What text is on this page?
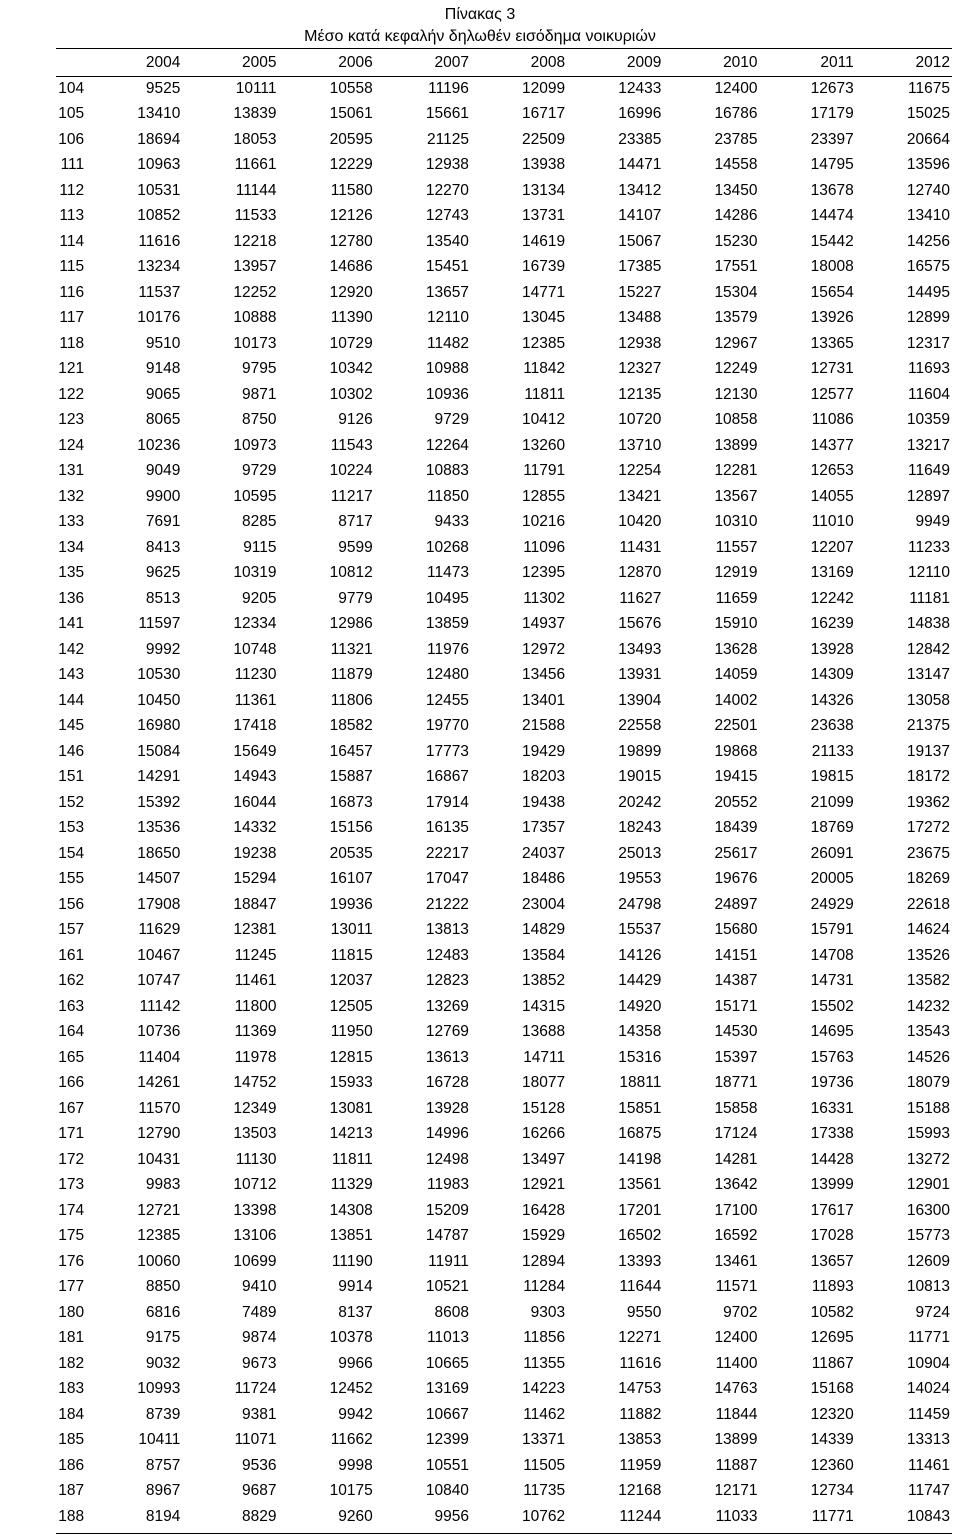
Πίνακας 3
Μέσο κατά κεφαλήν δηλωθέν εισόδημα νοικυριών
	2004	2005	2006	2007	2008	2009	2010	2011	2012
104	9525	10111	10558	11196	12099	12433	12400	12673	11675
105	13410	13839	15061	15661	16717	16996	16786	17179	15025
106	18694	18053	20595	21125	22509	23385	23785	23397	20664
111	10963	11661	12229	12938	13938	14471	14558	14795	13596
112	10531	11144	11580	12270	13134	13412	13450	13678	12740
113	10852	11533	12126	12743	13731	14107	14286	14474	13410
114	11616	12218	12780	13540	14619	15067	15230	15442	14256
115	13234	13957	14686	15451	16739	17385	17551	18008	16575
116	11537	12252	12920	13657	14771	15227	15304	15654	14495
117	10176	10888	11390	12110	13045	13488	13579	13926	12899
118	9510	10173	10729	11482	12385	12938	12967	13365	12317
121	9148	9795	10342	10988	11842	12327	12249	12731	11693
122	9065	9871	10302	10936	11811	12135	12130	12577	11604
123	8065	8750	9126	9729	10412	10720	10858	11086	10359
124	10236	10973	11543	12264	13260	13710	13899	14377	13217
131	9049	9729	10224	10883	11791	12254	12281	12653	11649
132	9900	10595	11217	11850	12855	13421	13567	14055	12897
133	7691	8285	8717	9433	10216	10420	10310	11010	9949
134	8413	9115	9599	10268	11096	11431	11557	12207	11233
135	9625	10319	10812	11473	12395	12870	12919	13169	12110
136	8513	9205	9779	10495	11302	11627	11659	12242	11181
141	11597	12334	12986	13859	14937	15676	15910	16239	14838
142	9992	10748	11321	11976	12972	13493	13628	13928	12842
143	10530	11230	11879	12480	13456	13931	14059	14309	13147
144	10450	11361	11806	12455	13401	13904	14002	14326	13058
145	16980	17418	18582	19770	21588	22558	22501	23638	21375
146	15084	15649	16457	17773	19429	19899	19868	21133	19137
151	14291	14943	15887	16867	18203	19015	19415	19815	18172
152	15392	16044	16873	17914	19438	20242	20552	21099	19362
153	13536	14332	15156	16135	17357	18243	18439	18769	17272
154	18650	19238	20535	22217	24037	25013	25617	26091	23675
155	14507	15294	16107	17047	18486	19553	19676	20005	18269
156	17908	18847	19936	21222	23004	24798	24897	24929	22618
157	11629	12381	13011	13813	14829	15537	15680	15791	14624
161	10467	11245	11815	12483	13584	14126	14151	14708	13526
162	10747	11461	12037	12823	13852	14429	14387	14731	13582
163	11142	11800	12505	13269	14315	14920	15171	15502	14232
164	10736	11369	11950	12769	13688	14358	14530	14695	13543
165	11404	11978	12815	13613	14711	15316	15397	15763	14526
166	14261	14752	15933	16728	18077	18811	18771	19736	18079
167	11570	12349	13081	13928	15128	15851	15858	16331	15188
171	12790	13503	14213	14996	16266	16875	17124	17338	15993
172	10431	11130	11811	12498	13497	14198	14281	14428	13272
173	9983	10712	11329	11983	12921	13561	13642	13999	12901
174	12721	13398	14308	15209	16428	17201	17100	17617	16300
175	12385	13106	13851	14787	15929	16502	16592	17028	15773
176	10060	10699	11190	11911	12894	13393	13461	13657	12609
177	8850	9410	9914	10521	11284	11644	11571	11893	10813
180	6816	7489	8137	8608	9303	9550	9702	10582	9724
181	9175	9874	10378	11013	11856	12271	12400	12695	11771
182	9032	9673	9966	10665	11355	11616	11400	11867	10904
183	10993	11724	12452	13169	14223	14753	14763	15168	14024
184	8739	9381	9942	10667	11462	11882	11844	12320	11459
185	10411	11071	11662	12399	13371	13853	13899	14339	13313
186	8757	9536	9998	10551	11505	11959	11887	12360	11461
187	8967	9687	10175	10840	11735	12168	12171	12734	11747
188	8194	8829	9260	9956	10762	11244	11033	11771	10843
